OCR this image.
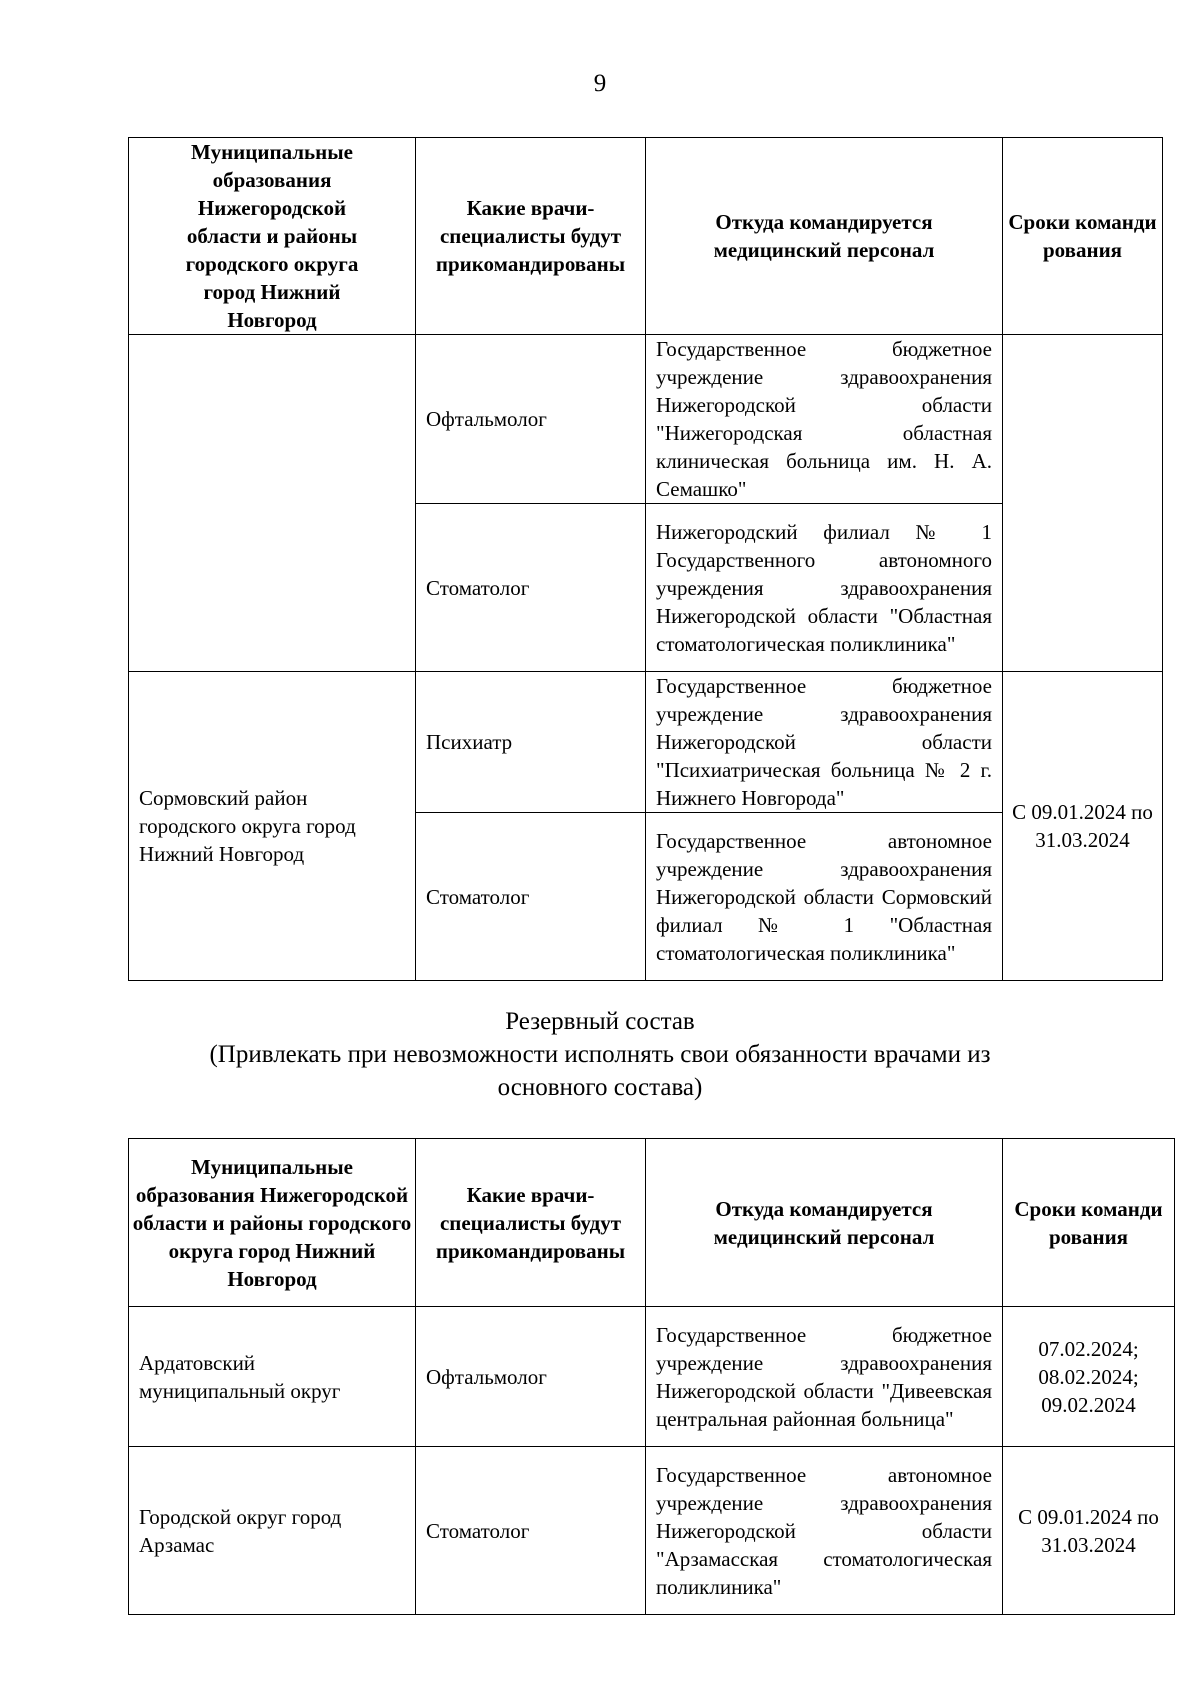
9
Муниципальные образования Нижегородской области и районы городского округа город Нижний Новгород	Какие врачи-специалисты будут прикомандированы	Откуда командируется медицинский персонал	Сроки командирования
	Офтальмолог	Государственное бюджетное учреждение здравоохранения Нижегородской области "Нижегородская областная клиническая больница им. Н. А. Семашко"	
	Стоматолог	Нижегородский филиал № 1 Государственного автономного учреждения здравоохранения Нижегородской области "Областная стоматологическая поликлиника"	
Сормовский район городского округа город Нижний Новгород	Психиатр	Государственное бюджетное учреждение здравоохранения Нижегородской области "Психиатрическая больница № 2 г. Нижнего Новгорода"	С 09.01.2024 по 31.03.2024
	Стоматолог	Государственное автономное учреждение здравоохранения Нижегородской области Сормовский филиал № 1 "Областная стоматологическая поликлиника"	
Резервный состав
(Привлекать при невозможности исполнять свои обязанности врачами из основного состава)
Муниципальные образования Нижегородской области и районы городского округа город Нижний Новгород	Какие врачи-специалисты будут прикомандированы	Откуда командируется медицинский персонал	Сроки командирования
Ардатовский муниципальный округ	Офтальмолог	Государственное бюджетное учреждение здравоохранения Нижегородской области "Дивеевская центральная районная больница"	07.02.2024; 08.02.2024; 09.02.2024
Городской округ город Арзамас	Стоматолог	Государственное автономное учреждение здравоохранения Нижегородской области "Арзамасская стоматологическая поликлиника"	С 09.01.2024 по 31.03.2024
